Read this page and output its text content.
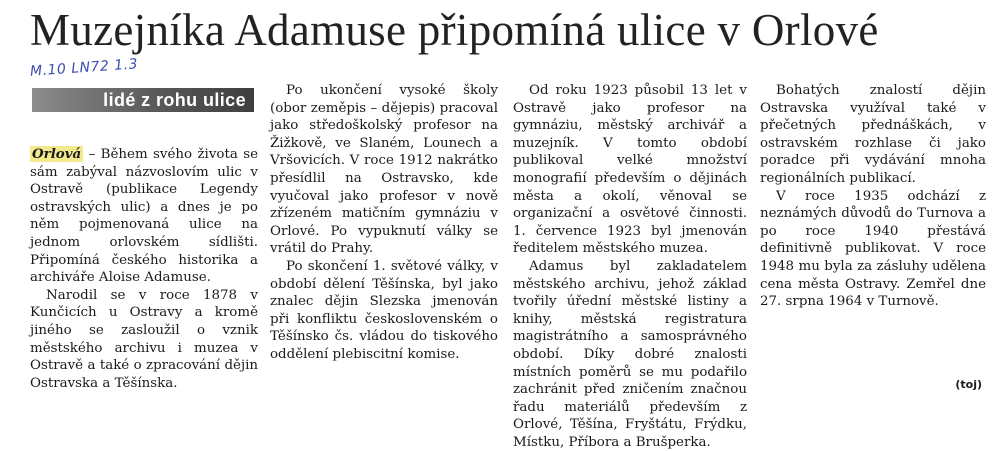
Muzejníka Adamuse připomíná ulice v Orlové
M.10 LN72 1.3
lidé z rohu ulice

Orlová – Během svého života se sám zabýval názvoslovím ulic v Ostravě (publikace Legendy ostravských ulic) a dnes je po něm pojmenovaná ulice na jednom orlovském sídlišti. Připomíná českého historika a archiváře Aloise Adamuse.

Narodil se v roce 1878 v Kunčicích u Ostravy a kromě jiného se zasloužil o vznik městského archivu i muzea v Ostravě a také o zpracování dějin Ostravska a Těšínska.

Po ukončení vysoké školy (obor zeměpis – dějepis) pracoval jako středoškolský profesor na Žižkově, ve Slaném, Lounech a Vršovicích. V roce 1912 nakrátko přesídlil na Ostravsko, kde vyučoval jako profesor v nově zřízeném matičním gymnáziu v Orlové. Po vypuknutí války se vrátil do Prahy.

Po skončení 1. světové války, v období dělení Těšínska, byl jako znalec dějin Slezska jmenován při konfliktu československém o Těšínsko čs. vládou do tiskového oddělení plebiscitní komise.

Od roku 1923 působil 13 let v Ostravě jako profesor na gymnáziu, městský archivář a muzejník. V tomto období publikoval velké množství monografií především o dějinách města a okolí, věnoval se organizační a osvětové činnosti. 1. července 1923 byl jmenován ředitelem městského muzea.

Adamus byl zakladatelem městského archivu, jehož základ tvořily úřední městské listiny a knihy, městská registratura magistrátního a samosprávného období. Díky dobré znalosti místních poměrů se mu podařilo zachránit před zničením značnou řadu materiálů především z Orlové, Těšína, Fryštátu, Frýdku, Místku, Příbora a Brušperka.

Bohatých znalostí dějin Ostravska využíval také v přečetných přednáškách, v ostravském rozhlase či jako poradce při vydávání mnoha regionálních publikací.

V roce 1935 odchází z neznámých důvodů do Turnova a po roce 1940 přestává definitivně publikovat. V roce 1948 mu byla za zásluhy udělena cena města Ostravy. Zemřel dne 27. srpna 1964 v Turnově.

(toj)
